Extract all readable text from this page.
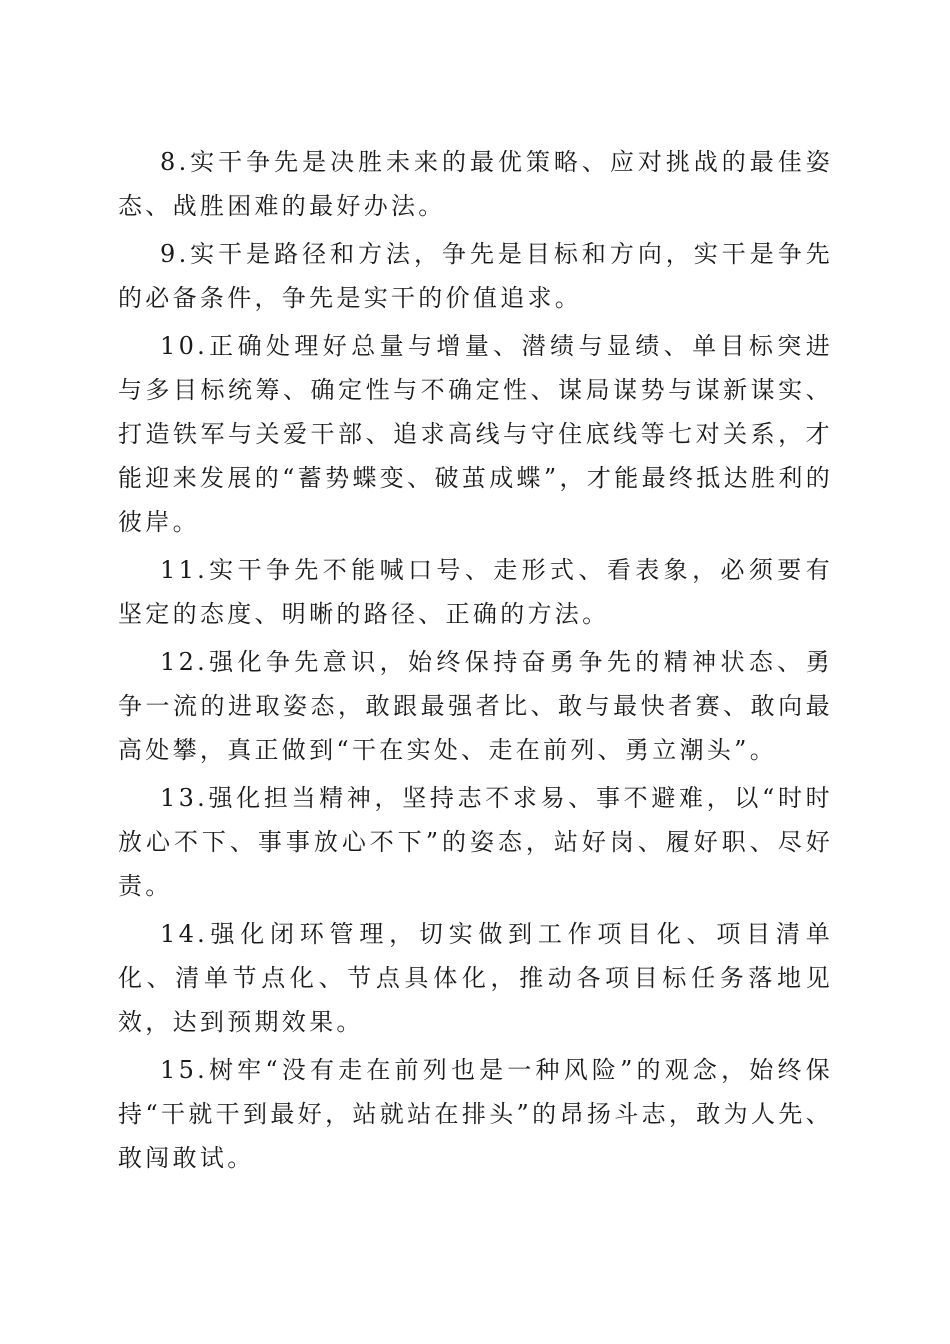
8.实干争先是决胜未来的最优策略、应对挑战的最佳姿态、战胜困难的最好办法。

9.实干是路径和方法，争先是目标和方向，实干是争先的必备条件，争先是实干的价值追求。

10.正确处理好总量与增量、潜绩与显绩、单目标突进与多目标统筹、确定性与不确定性、谋局谋势与谋新谋实、打造铁军与关爱干部、追求高线与守住底线等七对关系，才能迎来发展的“蓄势蝶变、破茧成蝶”，才能最终抵达胜利的彼岸。

11.实干争先不能喊口号、走形式、看表象，必须要有坚定的态度、明晰的路径、正确的方法。

12.强化争先意识，始终保持奋勇争先的精神状态、勇争一流的进取姿态，敢跟最强者比、敢与最快者赛、敢向最高处攀，真正做到“干在实处、走在前列、勇立潮头”。

13.强化担当精神，坚持志不求易、事不避难，以“时时放心不下、事事放心不下”的姿态，站好岗、履好职、尽好责。

14.强化闭环管理，切实做到工作项目化、项目清单化、清单节点化、节点具体化，推动各项目标任务落地见效，达到预期效果。

15.树牢“没有走在前列也是一种风险”的观念，始终保持“干就干到最好，站就站在排头”的昂扬斗志，敢为人先、敢闯敢试。
